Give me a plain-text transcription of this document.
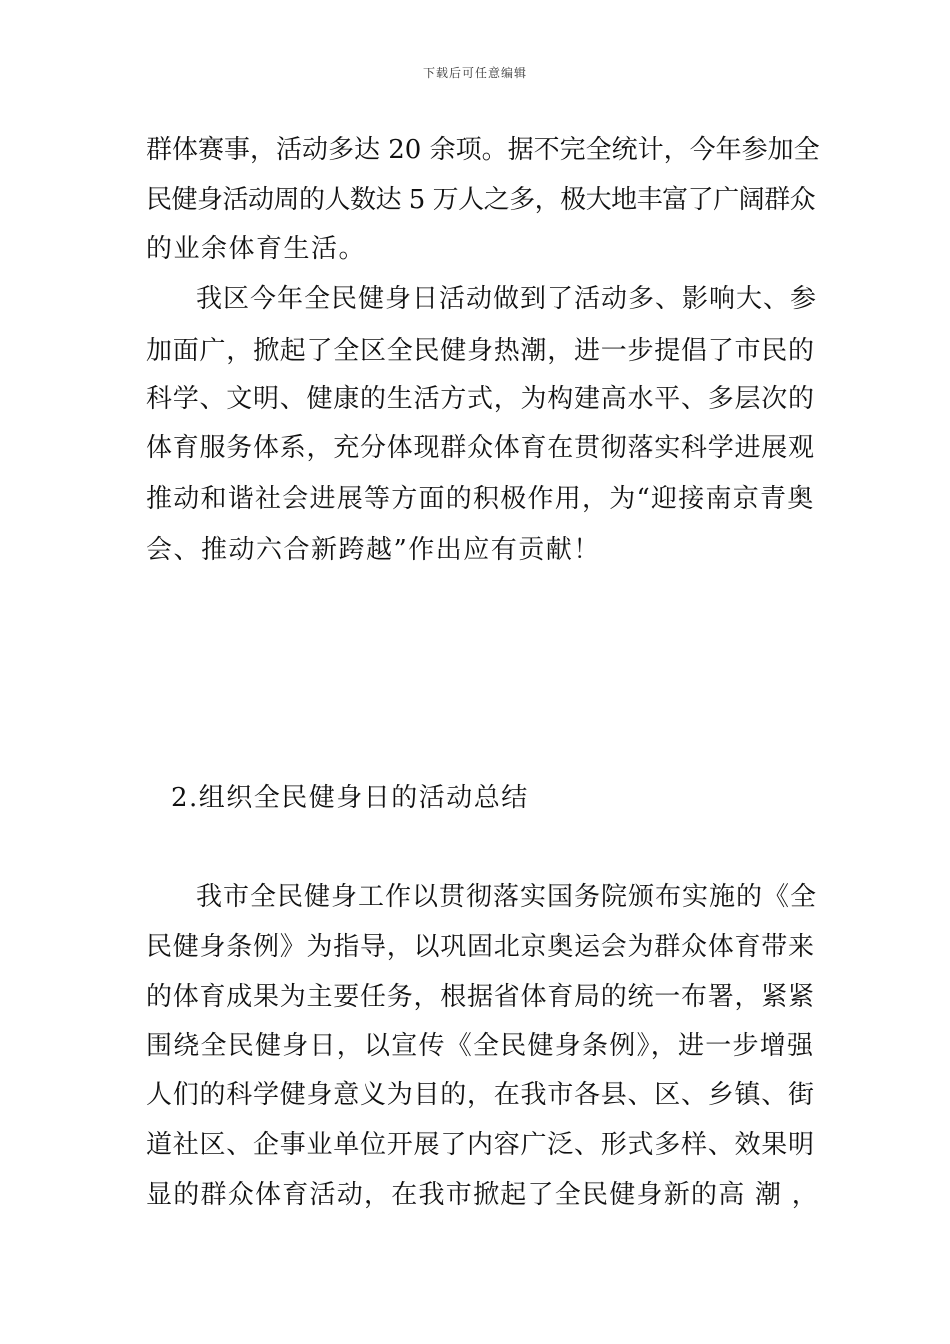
下载后可任意编辑
群体赛事，活动多达 20 余项。据不完全统计，今年参加全
民健身活动周的人数达 5 万人之多，极大地丰富了广阔群众
的业余体育生活。
我区今年全民健身日活动做到了活动多、影响大、参
加面广，掀起了全区全民健身热潮，进一步提倡了市民的
科学、文明、健康的生活方式，为构建高水平、多层次的
体育服务体系，充分体现群众体育在贯彻落实科学进展观
推动和谐社会进展等方面的积极作用，为“迎接南京青奥
会、推动六合新跨越”作出应有贡献！
2.组织全民健身日的活动总结
我市全民健身工作以贯彻落实国务院颁布实施的《全
民健身条例》为指导，以巩固北京奥运会为群众体育带来
的体育成果为主要任务，根据省体育局的统一布署，紧紧
围绕全民健身日，以宣传《全民健身条例》，进一步增强
人们的科学健身意义为目的，在我市各县、区、乡镇、街
道社区、企事业单位开展了内容广泛、形式多样、效果明
显的群众体育活动，在我市掀起了全民健身新的高 潮 ，
